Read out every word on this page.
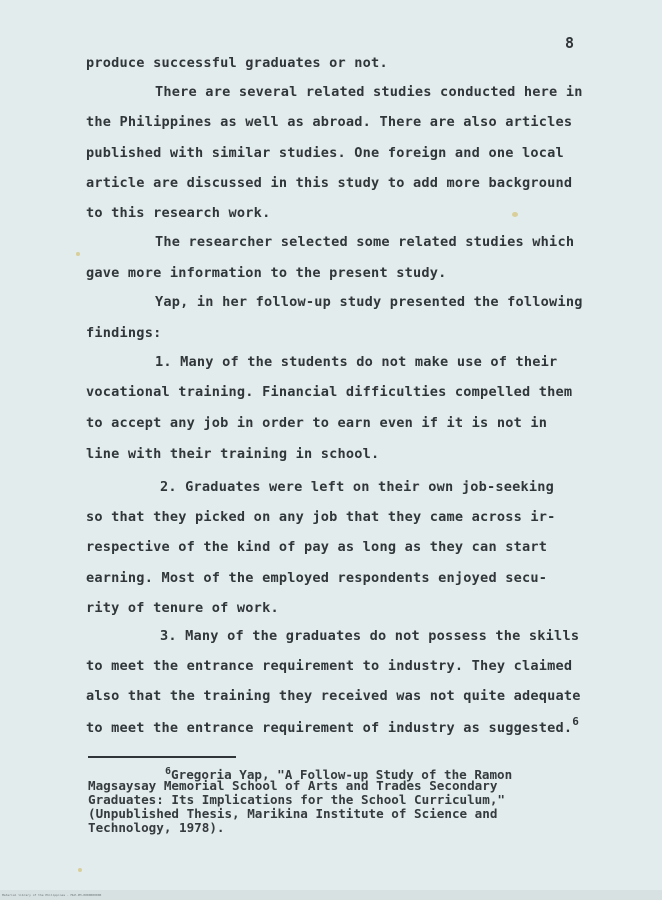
8
produce successful graduates or not.
There are several related studies conducted here in
the Philippines as well as abroad. There are also articles
published with similar studies. One foreign and one local
article are discussed in this study to add more background
to this research work.
The researcher selected some related studies which
gave more information to the present study.
Yap, in her follow-up study presented the following
findings:
1. Many of the students do not make use of their
vocational training. Financial difficulties compelled them
to accept any job in order to earn even if it is not in
line with their training in school.
2. Graduates were left on their own job-seeking
so that they picked on any job that they came across ir-
respective of the kind of pay as long as they can start
earning. Most of the employed respondents enjoyed secu-
rity of tenure of work.
3. Many of the graduates do not possess the skills
to meet the entrance requirement to industry. They claimed
also that the training they received was not quite adequate
to meet the entrance requirement of industry as suggested.$^6$
$^6$Gregoria Yap, "A Follow-up Study of the Ramon
Magsaysay Memorial School of Arts and Trades Secondary
Graduates: Its Implications for the School Curriculum,"
(Unpublished Thesis, Marikina Institute of Science and
Technology, 1978).
Material library of the Philippines · MLP-PH-0000000000
